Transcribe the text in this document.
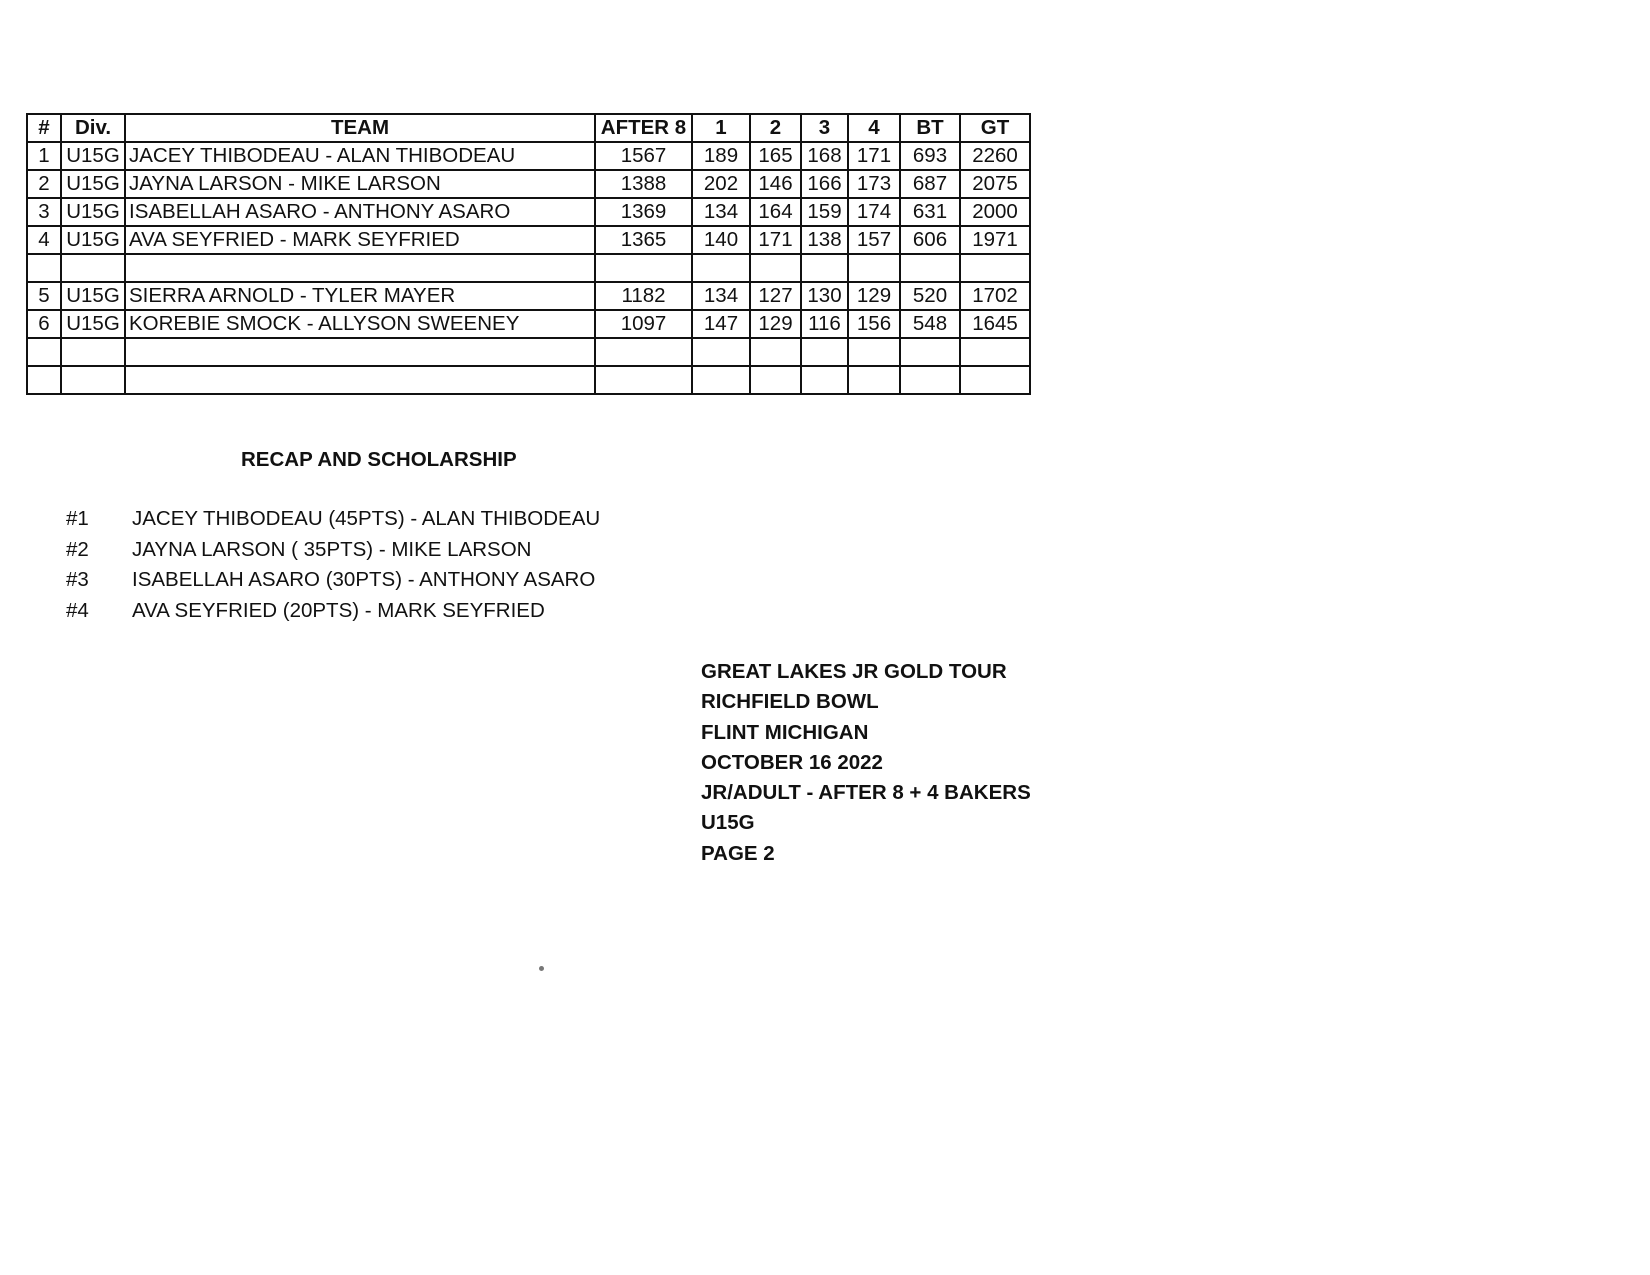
#	Div.	TEAM	AFTER 8	1	2	3	4	BT	GT
1	U15G	JACEY THIBODEAU - ALAN THIBODEAU	1567	189	165	168	171	693	2260
2	U15G	JAYNA LARSON - MIKE LARSON	1388	202	146	166	173	687	2075
3	U15G	ISABELLAH ASARO - ANTHONY ASARO	1369	134	164	159	174	631	2000
4	U15G	AVA SEYFRIED - MARK SEYFRIED	1365	140	171	138	157	606	1971

5	U15G	SIERRA ARNOLD - TYLER MAYER	1182	134	127	130	129	520	1702
6	U15G	KOREBIE SMOCK - ALLYSON SWEENEY	1097	147	129	116	156	548	1645

RECAP AND SCHOLARSHIP
#1 JACEY THIBODEAU (45PTS) - ALAN THIBODEAU
#2 JAYNA LARSON ( 35PTS) - MIKE LARSON
#3 ISABELLAH ASARO (30PTS) - ANTHONY ASARO
#4 AVA SEYFRIED (20PTS) - MARK SEYFRIED
GREAT LAKES JR GOLD TOUR
RICHFIELD BOWL
FLINT MICHIGAN
OCTOBER 16 2022
JR/ADULT - AFTER 8 + 4 BAKERS
U15G
PAGE 2
